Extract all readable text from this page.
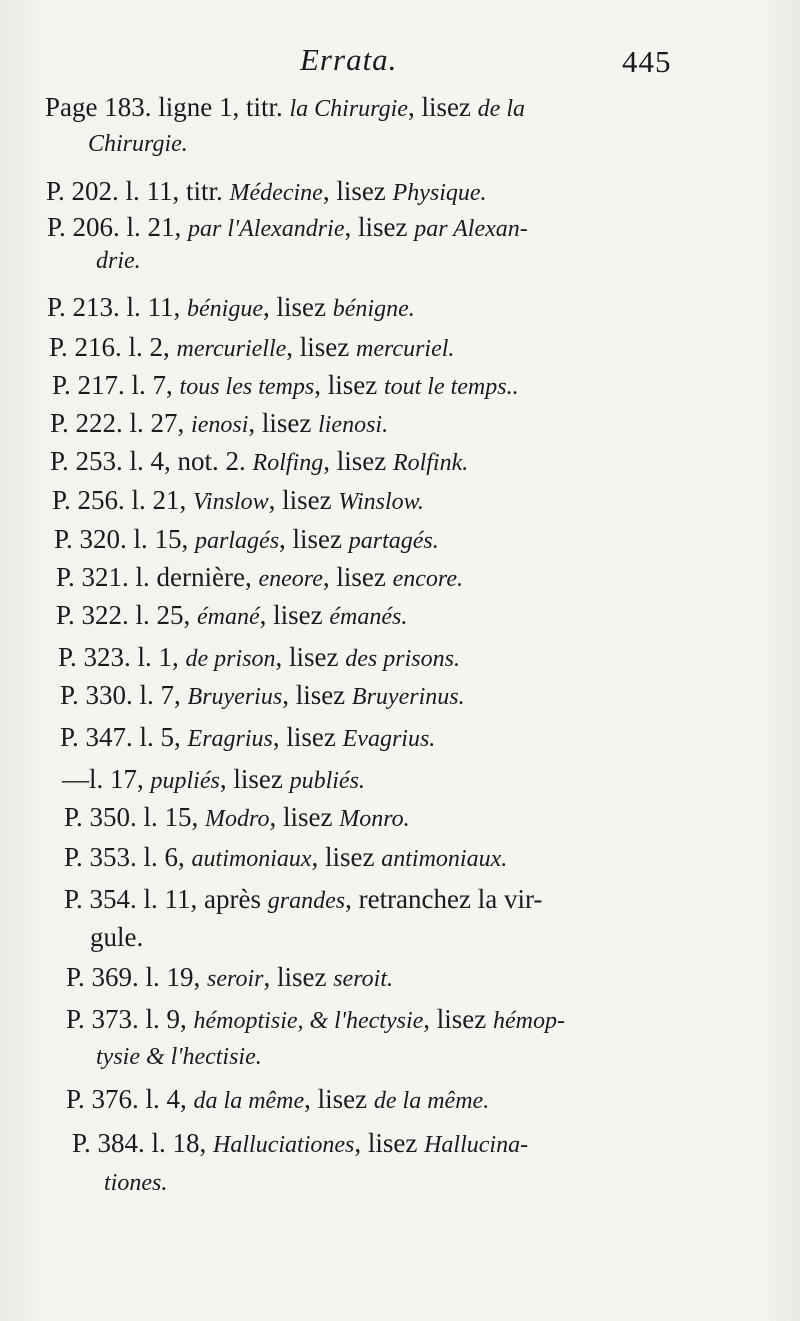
Errata.	445
Page 183. ligne 1, titr. la Chirurgie, lisez de la
Chirurgie.
P. 202. l. 11, titr. Médecine, lisez Physique.
P. 206. l. 21, par l'Alexandrie, lisez par Alexan-
drie.
P. 213. l. 11, bénigue, lisez bénigne.
P. 216. l. 2, mercurielle, lisez mercuriel.
P. 217. l. 7, tous les temps, lisez tout le temps..
P. 222. l. 27, ienosi, lisez lienosi.
P. 253. l. 4, not. 2. Rolfing, lisez Rolfink.
P. 256. l. 21, Vinslow, lisez Winslow.
P. 320. l. 15, parlagés, lisez partagés.
P. 321. l. dernière, eneore, lisez encore.
P. 322. l. 25, émané, lisez émanés.
P. 323. l. 1, de prison, lisez des prisons.
P. 330. l. 7, Bruyerius, lisez Bruyerinus.
P. 347. l. 5, Eragrius, lisez Evagrius.
—l. 17, pupliés, lisez publiés.
P. 350. l. 15, Modro, lisez Monro.
P. 353. l. 6, autimoniaux, lisez antimoniaux.
P. 354. l. 11, après grandes, retranchez la vir-
gule.
P. 369. l. 19, seroir, lisez seroit.
P. 373. l. 9, hémoptisie, & l'hectysie, lisez hémop-
tysie & l'hectisie.
P. 376. l. 4, da la même, lisez de la même.
P. 384. l. 18, Halluciationes, lisez Hallucina-
tiones.
